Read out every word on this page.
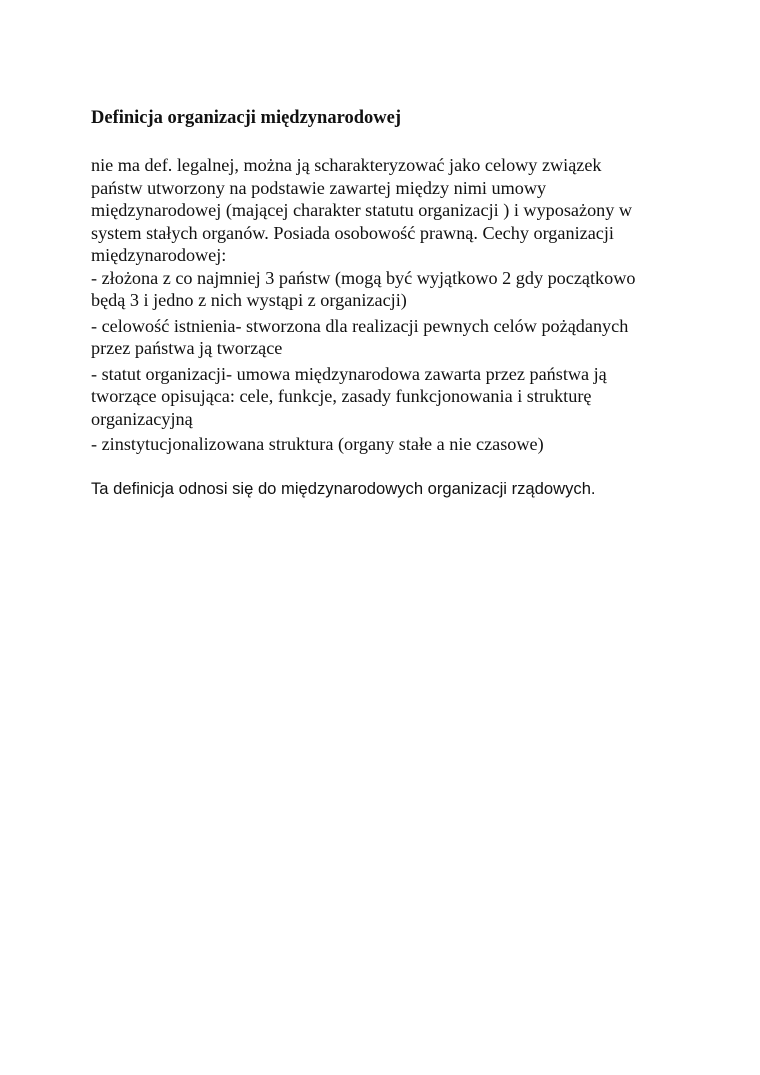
Definicja organizacji międzynarodowej

nie ma def. legalnej, można ją scharakteryzować jako celowy związek

państw utworzony na podstawie zawartej między nimi umowy

międzynarodowej (mającej charakter statutu organizacji ) i wyposażony w

system stałych organów. Posiada osobowość prawną. Cechy organizacji

międzynarodowej:

- złożona z co najmniej 3 państw (mogą być wyjątkowo 2 gdy początkowo

będą 3 i jedno z nich wystąpi z organizacji)

- celowość istnienia- stworzona dla realizacji pewnych celów pożądanych

przez państwa ją tworzące

- statut organizacji- umowa międzynarodowa zawarta przez państwa ją

tworzące opisująca: cele, funkcje, zasady funkcjonowania i strukturę

organizacyjną

- zinstytucjonalizowana struktura (organy stałe a nie czasowe)

Ta definicja odnosi się do międzynarodowych organizacji rządowych.
